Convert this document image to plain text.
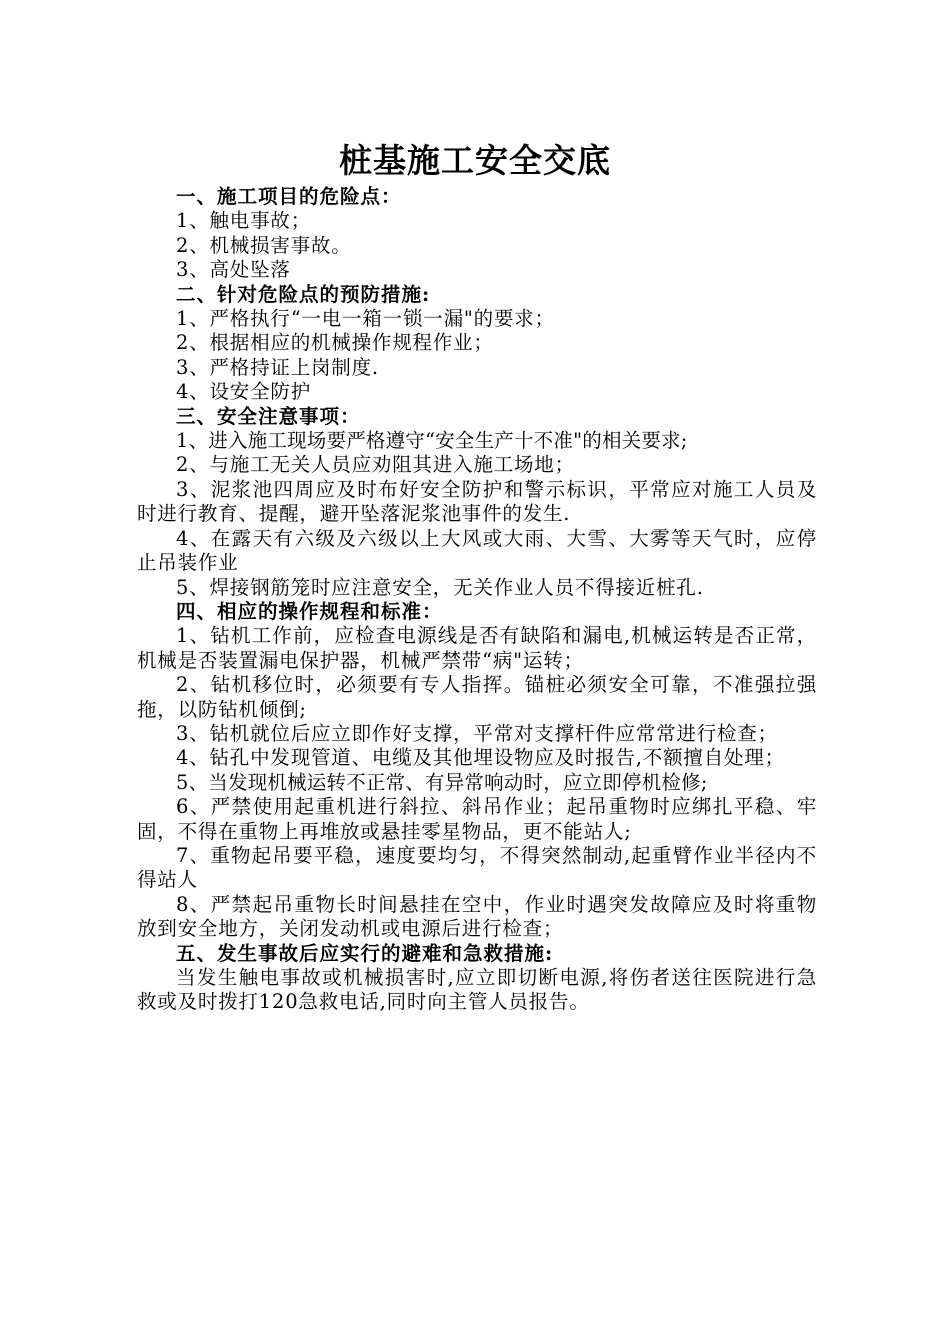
桩基施工安全交底

一、施工项目的危险点：

1、触电事故；

2、机械损害事故。

3、高处坠落

二、针对危险点的预防措施:

1、严格执行“一电一箱一锁一漏"的要求；

2、根据相应的机械操作规程作业；

3、严格持证上岗制度.

4、设安全防护

三、安全注意事项：

1、进入施工现场要严格遵守“安全生产十不准"的相关要求;

2、与施工无关人员应劝阻其进入施工场地；

3、泥浆池四周应及时布好安全防护和警示标识，平常应对施工人员及时进行教育、提醒，避开坠落泥浆池事件的发生.

4、在露天有六级及六级以上大风或大雨、大雪、大雾等天气时，应停止吊装作业

5、焊接钢筋笼时应注意安全，无关作业人员不得接近桩孔.

四、相应的操作规程和标准：

1、钻机工作前，应检查电源线是否有缺陷和漏电,机械运转是否正常，机械是否装置漏电保护器，机械严禁带“病"运转；

2、钻机移位时，必须要有专人指挥。锚桩必须安全可靠，不准强拉强拖，以防钻机倾倒;

3、钻机就位后应立即作好支撑，平常对支撑杆件应常常进行检查；

4、钻孔中发现管道、电缆及其他埋设物应及时报告,不额擅自处理；

5、当发现机械运转不正常、有异常响动时，应立即停机检修;

6、严禁使用起重机进行斜拉、斜吊作业；起吊重物时应绑扎平稳、牢固，不得在重物上再堆放或悬挂零星物品，更不能站人;

7、重物起吊要平稳，速度要均匀，不得突然制动,起重臂作业半径内不得站人

8、严禁起吊重物长时间悬挂在空中，作业时遇突发故障应及时将重物放到安全地方，关闭发动机或电源后进行检查；

五、发生事故后应实行的避难和急救措施:

当发生触电事故或机械损害时,应立即切断电源,将伤者送往医院进行急救或及时拨打120急救电话,同时向主管人员报告。
